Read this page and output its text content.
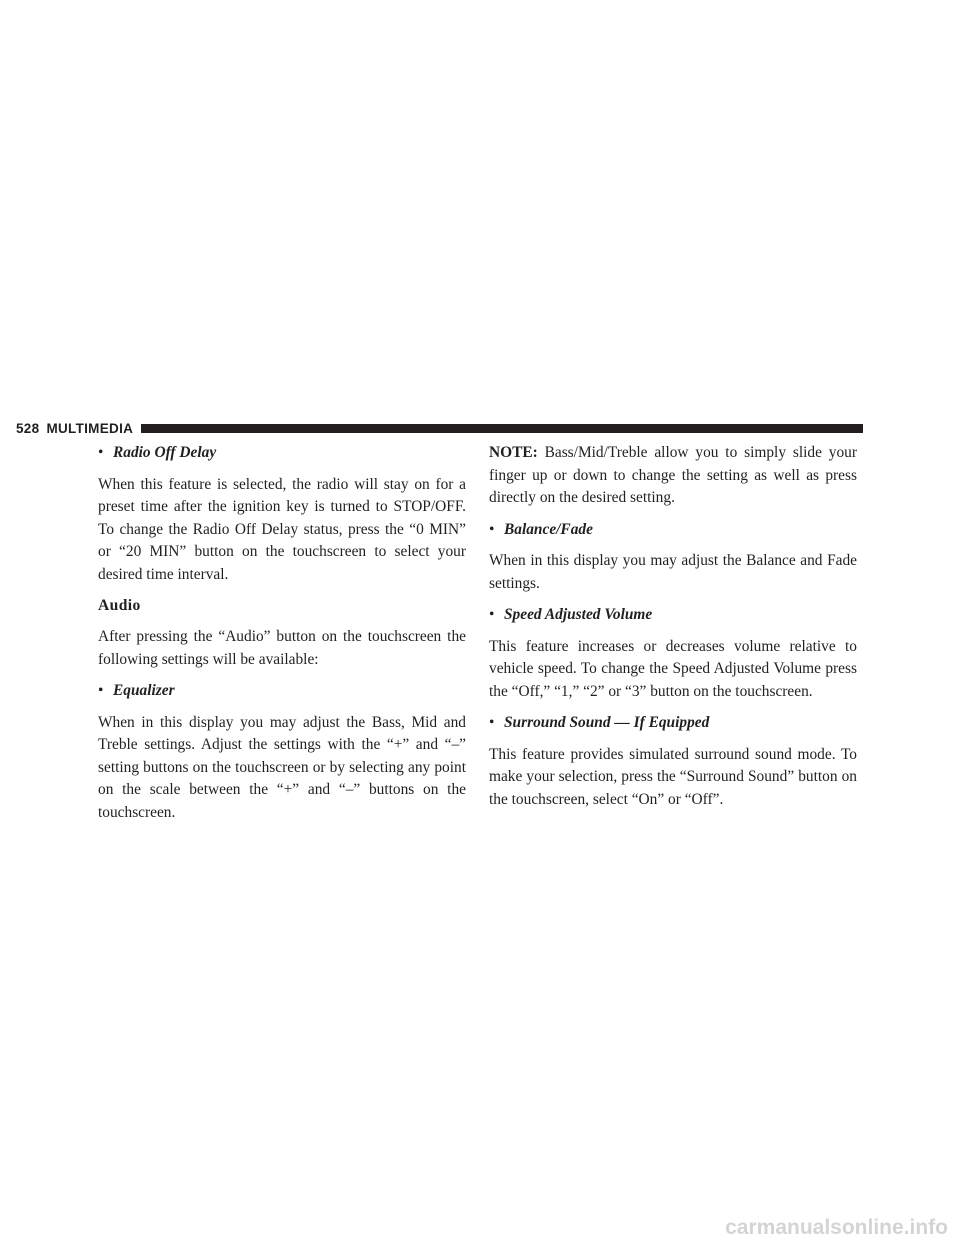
528 MULTIMEDIA

• Radio Off Delay

When this feature is selected, the radio will stay on for a preset time after the ignition key is turned to STOP/OFF. To change the Radio Off Delay status, press the “0 MIN” or “20 MIN” button on the touchscreen to select your desired time interval.

Audio

After pressing the “Audio” button on the touchscreen the following settings will be available:

• Equalizer

When in this display you may adjust the Bass, Mid and Treble settings. Adjust the settings with the “+” and “–” setting buttons on the touchscreen or by selecting any point on the scale between the “+” and “–” buttons on the touchscreen.

NOTE: Bass/Mid/Treble allow you to simply slide your finger up or down to change the setting as well as press directly on the desired setting.

• Balance/Fade

When in this display you may adjust the Balance and Fade settings.

• Speed Adjusted Volume

This feature increases or decreases volume relative to vehicle speed. To change the Speed Adjusted Volume press the “Off,” “1,” “2” or “3” button on the touchscreen.

• Surround Sound — If Equipped

This feature provides simulated surround sound mode. To make your selection, press the “Surround Sound” button on the touchscreen, select “On” or “Off”.

carmanualsonline.info
